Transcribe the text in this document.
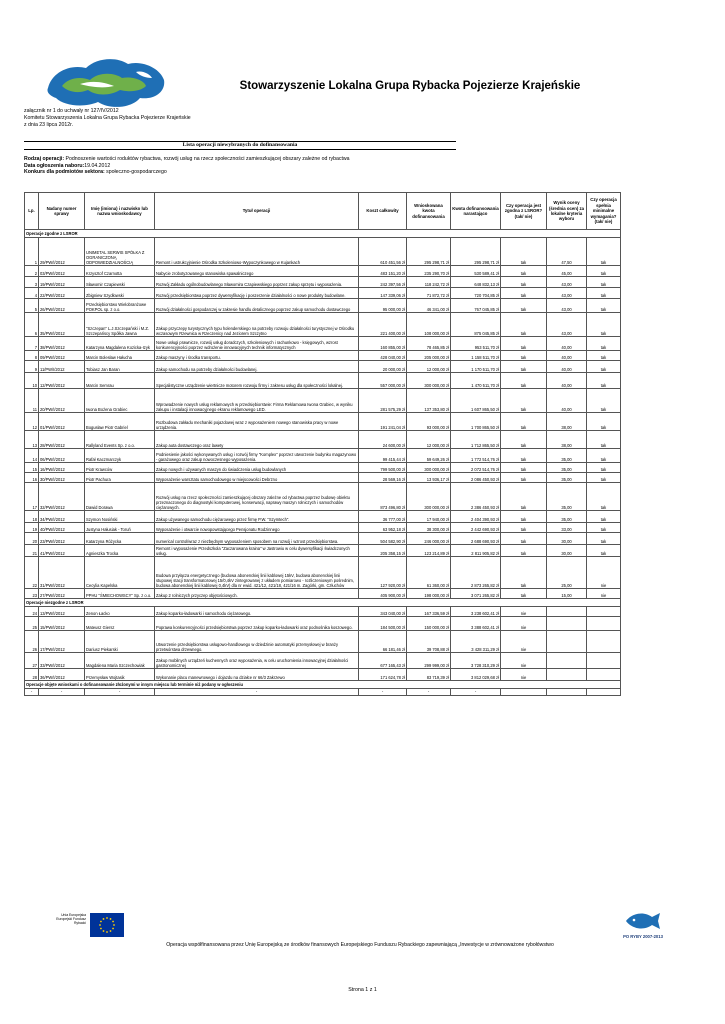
Stowarzyszenie Lokalna Grupa Rybacka Pojezierze Krajeńskie
załącznik nr 1 do uchwały nr 127/IV/2012
Komitetu Stowarzyszenia Lokalna Grupa Rybacka Pojezierze Krajeńskie
z dnia 23 lipca 2012r.
Lista operacji niewybranych do dofinansowania
Rodzaj operacji: Podnoszenie wartości roduktów rybactwa, rozwój usług na rzecz społeczności zamieszkującej obszary zależne od rybactwa
Data ogłoszenia naboru:19.04.2012
Konkurs dla podmiotów sektora: społeczno-gospodarczego
Lp.	Nadany numer sprawy	Imię (imiona) i nazwisko lub nazwa wnioskodawcy	Tytuł operacji	Koszt całkowity	Wnioskowana kwota dofinansowania	Kwota dofinansowania narastająco	Czy operacja jest zgodna z LSROR? (tak/ nie)	Wynik oceny (średnia ocen) za lokalne kryteria wyboru	Czy operacja spełnia minimalne wymagania? (tak/ nie)
Operacje zgodne z LSROR									
1	29/PW/I/2012	UNIMETAL SERWIS SPÓŁKA Z OGRANICZONĄ ODPOWIEDZIALNOŚCIĄ	Remont i ustrukcyjnienie Ośrodka Szkoleniowo-Wypoczynkowego w Kujankach	610 451,56 zł	295 298,71 zł	295 298,71 zł	tak	47,50	tak
2	03/PW/I/2012	Krzysztof Czarnotta	Nabycie zrobotyzowanego stanowiska spawalniczego	483 151,20 zł	235 290,70 zł	530 589,41 zł	tak	45,00	tak
3	19/PW/I/2012	Sławomir Czapiewski	Rozwój Zakładu ogólnobudowlanego Sławomira Czapiewskiego poprzez zakup sprzętu i wyposażenia.	242 397,56 zł	118 242,72 zł	648 832,13 zł	tak	43,00	tak
4	22/PW/I/2012	Zbigniew Szydłowski	Rozwój przedsiębiorstwa poprzez dywersyfikację i poszerzenie działalności o nowe produkty budowlane.	147 339,06 zł	71 872,72 zł	720 704,85 zł	tak	43,00	tak
5	26/PW/I/2012	Przedsiębiorstwo Wielobranżowe POKPOL sp. z o.o.	Rozwój działalności gospodarczej w zakresie handlu detalicznego poprzez zakup samochodu dostawczego	95 000,00 zł	46 341,00 zł	767 045,85 zł	tak	43,00	tak
6	35/PW/I/2012	"Szczepan" L.J.Szczepański i M.Z. Szczepańscy Spółka Jawna	Zakup przyczepy turystycznych typu holenderskiego na potrzeby rozwoju działalności turystycznej w Ośrodku wczasowym Rzewnica w Rzeczenicy nad Jeziorem Szczytno	221 400,00 zł	108 000,00 zł	875 045,85 zł	tak	43,00	tak
7	38/PW/I/2012	Katarzyna Magdalena Kozicka-Izyk	Nowe usługi prawnicze, rozwój usług doradczych, szkoleniowych i rachunkowo - księgowych, wzrost konkurencyjności poprzez wdrożenie innowacyjnych technik informatycznych	160 855,00 zł	78 465,85 zł	953 511,70 zł	tak	40,00	tak
8	09/PW/I/2012	Marcin Bolesław Hałucha	Zakup maszyny i środka transportu.	428 040,00 zł	205 000,00 zł	1 158 511,70 zł	tak	40,00	tak
9	11/PW/I/2012	Tobiasz Jan Baran	Zakup samochodu na potrzeby działalności budowlanej.	20 000,00 zł	12 000,00 zł	1 170 511,70 zł	tak	40,00	tak
10	12/PW/I/2012	Marcin Semrau	Specjalistyczne urządzenie wiertnicze motorem rozwoju firmy i zakresu usług dla społeczności lokalnej.	557 000,00 zł	300 000,00 zł	1 470 511,70 zł	tak	40,00	tak
11	20/PW/I/2012	Iwona Bożena Grabiec	Wprowadzenie nowych usług reklamowych w przedsiębiorstwie: Firma Reklamowa Iwona Grabiec, w wyniku zakupu i instalacji innowacyjnego ekranu reklamowego LED.	281 575,29 zł	137 353,80 zł	1 607 865,50 zł	tak	40,00	tak
12	01/PW/I/2012	Bogusław Piotr Gabriel	Rozbudowa zakładu mechaniki pojazdowej wraz z wyposażeniem nowego stanowiska pracy w nowe urządzenia.	191 241,04 zł	93 000,00 zł	1 700 865,50 zł	tak	38,00	tak
13	28/PW/I/2012	Rallyland Events Sp. z o.o.	Zakup auta dostawczego oraz lawety	24 600,00 zł	12 000,00 zł	1 712 865,50 zł	tak	38,00	tak
14	06/PW/I/2012	Rafał Kaczmarczyk	Podniesienie jakości wykonywanych usług i rozwój firmy "Komplex" poprzez utworzenie budynku magazynowo - garażowego oraz zakup nowoczesnego wyposażenia.	99 415,44 zł	59 649,26 zł	1 772 514,76 zł	tak	35,00	tak
15	16/PW/I/2012	Piotr Krawców	Zakup nowych i używanych maszyn do świadczenia usług budowlanych	799 500,00 zł	300 000,00 zł	2 072 514,76 zł	tak	35,00	tak
16	30/PW/I/2012	Piotr Pachura	Wyposażenie warsztatu samochodowego w miejscowości Debrzno	28 569,16 zł	13 936,17 zł	2 086 450,93 zł	tak	35,00	tak
17	32/PW/I/2012	Dawid Dorawa	Rozwój usług na rzecz społeczności zamieszkującej obszary zależne od rybactwa poprzez budowę obiektu przeznaczonego do diagnostyki komputerowej, konserwacji, naprawy maszyn rolniczych i samochodów ciężarowych.	873 496,80 zł	300 000,00 zł	2 386 450,93 zł	tak	35,00	tak
18	34/PW/I/2012	Szymon Nosiński	Zakup używanego samochodu ciężarowego przez firmę P.W. "Szymtech".	36 777,00 zł	17 940,00 zł	2 404 390,93 zł	tak	35,00	tak
19	40/PW/I/2012	Justyna Hałusiak - Toruń	Wyposażenie i otwarcie nowopowstającego Pensjonatu Rodzinnego	63 952,18 zł	38 300,00 zł	2 442 690,93 zł	tak	33,00	tak
20	23/PW/I/2012	Katarzyna Różycka	numerical control/wraz z niezbędnym wyposażeniem sposobem na rozwój i wzrost przedsiębiorstwa.	504 582,90 zł	246 000,00 zł	2 688 690,93 zł	tak	30,00	tak
21	41/PW/I/2012	Agnieszka Trocka	Remont i wyposażenie Przedszkola "Zaczarowana kraina" w Jastrowiu w celu dywersyfikacji świadczonych usług.	205 358,15 zł	123 214,89 zł	2 811 905,82 zł	tak	30,00	tak
22	31/PW/I/2012	Cecylia Kapelska	Budowa przyłącza energetycznego (budowa abonenckiej linii kablowej 15kV, budowa abonenckiej linii stupowej stacji transformatorowej 15/0,4kV zintegrowanej z układem pomiarowo - rozliczeniowym pośrednim, budowa abonenckiej linii kablowej 0,4kV) dla nr ewid. 421/12, 421/18, 421/16 m. Zagórki, gm. Człuchów	127 920,00 zł	61 360,00 zł	2 873 265,82 zł	tak	25,00	nie
23	27/PW/I/2012	PPHU "ŚMIECHOWSCY" Sp. z o.o.	Zakup 2 rolniczych przyczep objętościowych.	405 900,00 zł	198 000,00 zł	3 071 265,82 zł	tak	15,00	nie
Operacje niezgodne z LSROR									
24	13/PW/I/2012	Zenon Łacko	Zakup koparko-ładowarki i samochodu ciężarowego.	343 040,00 zł	167 336,59 zł	3 238 602,41 zł	nie		
25	15/PW/I/2012	Mateusz Giersz	Poprawa konkurencyjności przedsiębiorstwa poprzez zakup koparko-ładowarki oraz podnośnika koszowego.	184 500,00 zł	150 000,00 zł	3 388 602,41 zł	nie		
26	17/PW/I/2012	Dariusz Piekarski	Utworzenie przedsiębiorstwa usługowo-handlowego w dziedzinie automatyki przemysłowej w branży przetwórstwa drzewnego.	66 181,46 zł	39 708,88 zł	3 428 311,29 zł	nie		
27	33/PW/I/2012	Magdalena Maria Szczechowiak	Zakup mobilnych urządzeń kuchennych oraz wyposażenia, w celu uruchomienia innowacyjnej działalności gastronomicznej	677 165,43 zł	299 999,00 zł	3 728 310,29 zł	nie		
28	36/PW/I/2012	Przemysław Wojtasik	Wykonanie placu manewrowego i dojazdu na działce nr 66/3 Zakrzewo	171 624,78 zł	83 719,39 zł	3 812 029,68 zł	nie		
Operacje objęte wnioskami o dofinansowanie złożonymi w innym miejscu lub terminie niż podany w ogłoszeniu									
-	-	-	-	-	-	-			
Unia Europejska Europejski Fundusz Rybacki
PO RYBY 2007-2013
Operacja współfinansowana przez Unię Europejską ze środków finansowych Europejskiego Funduszu Rybackiego zapewniającą „Inwestycje w zrównoważone rybołówstwo
Strona 1 z 1
